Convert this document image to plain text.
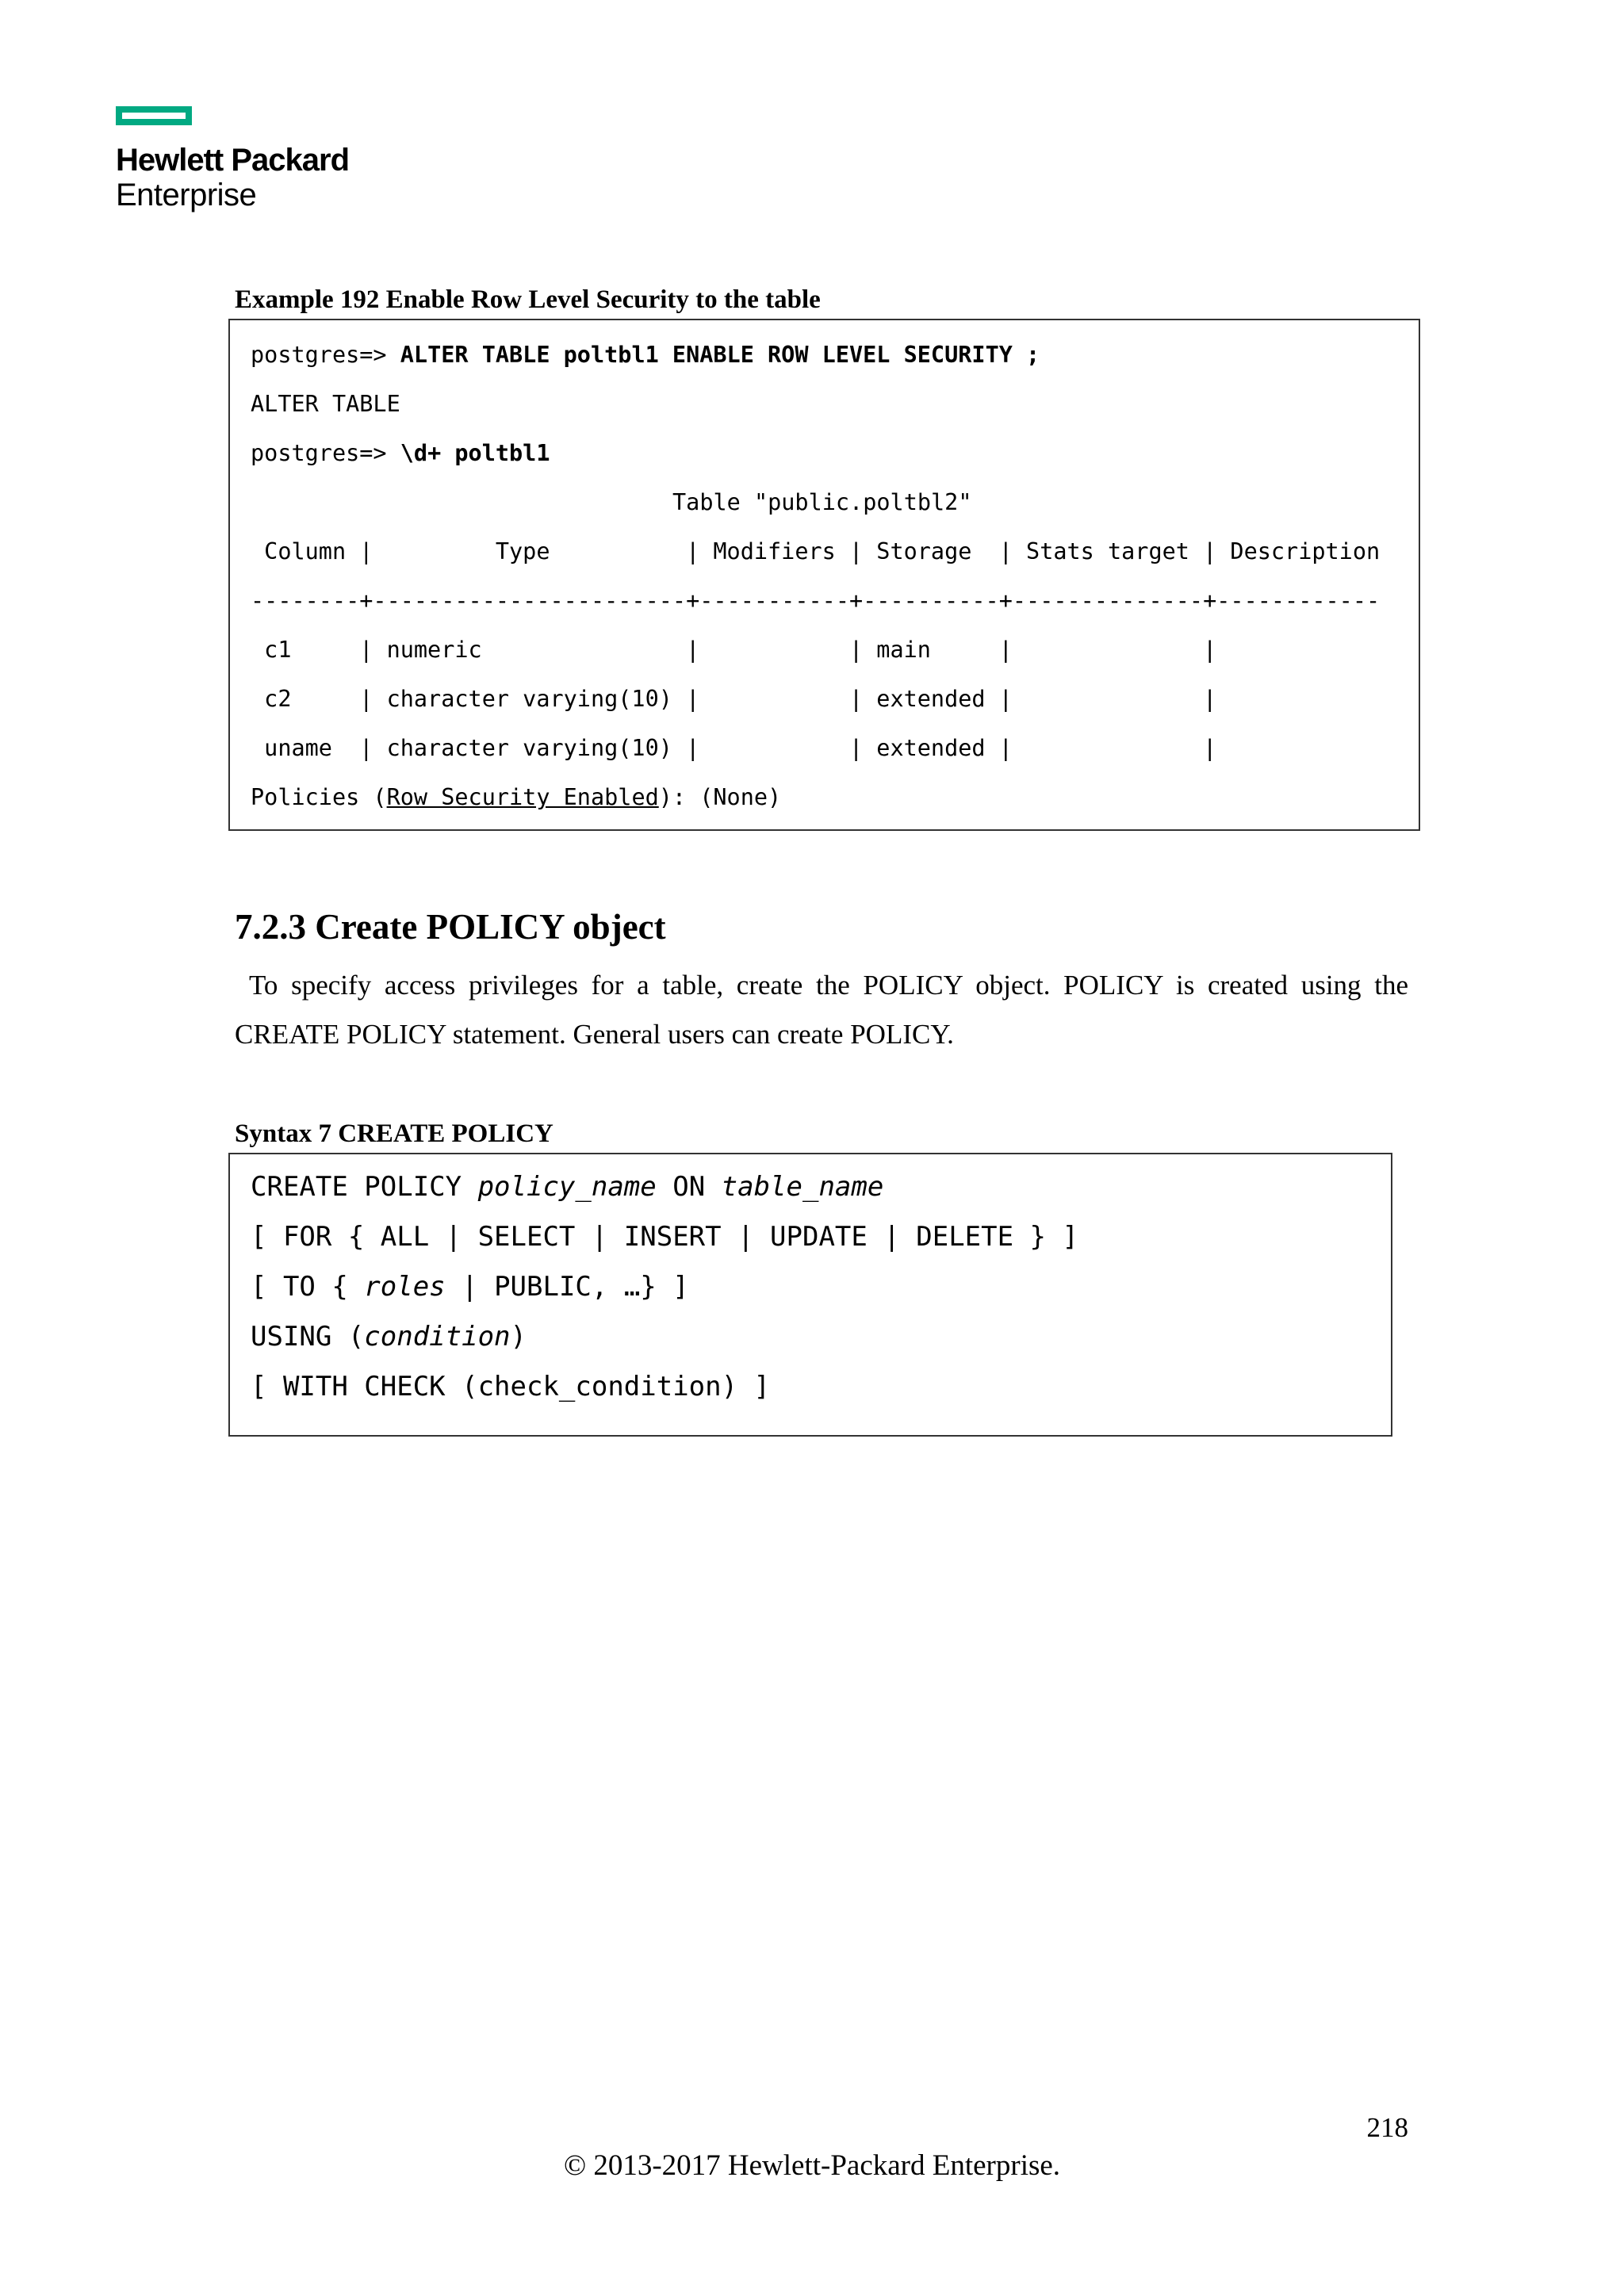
Hewlett Packard
Enterprise
Example 192 Enable Row Level Security to the table
postgres=> ALTER TABLE poltbl1 ENABLE ROW LEVEL SECURITY ;
ALTER TABLE
postgres=> \d+ poltbl1
Table "public.poltbl2"
Column |         Type          | Modifiers | Storage  | Stats target | Description
--------+-----------------------+-----------+----------+--------------+------------
c1     | numeric               |           | main     |              |
c2     | character varying(10) |           | extended |              |
uname  | character varying(10) |           | extended |              |
Policies (Row Security Enabled): (None)
7.2.3 Create POLICY object
To specify access privileges for a table, create the POLICY object. POLICY is created using the CREATE POLICY statement. General users can create POLICY.
Syntax 7 CREATE POLICY
CREATE POLICY policy_name ON table_name
[ FOR { ALL | SELECT | INSERT | UPDATE | DELETE } ]
[ TO { roles | PUBLIC, …} ]
USING (condition)
[ WITH CHECK (check_condition) ]
218
© 2013-2017 Hewlett-Packard Enterprise.
